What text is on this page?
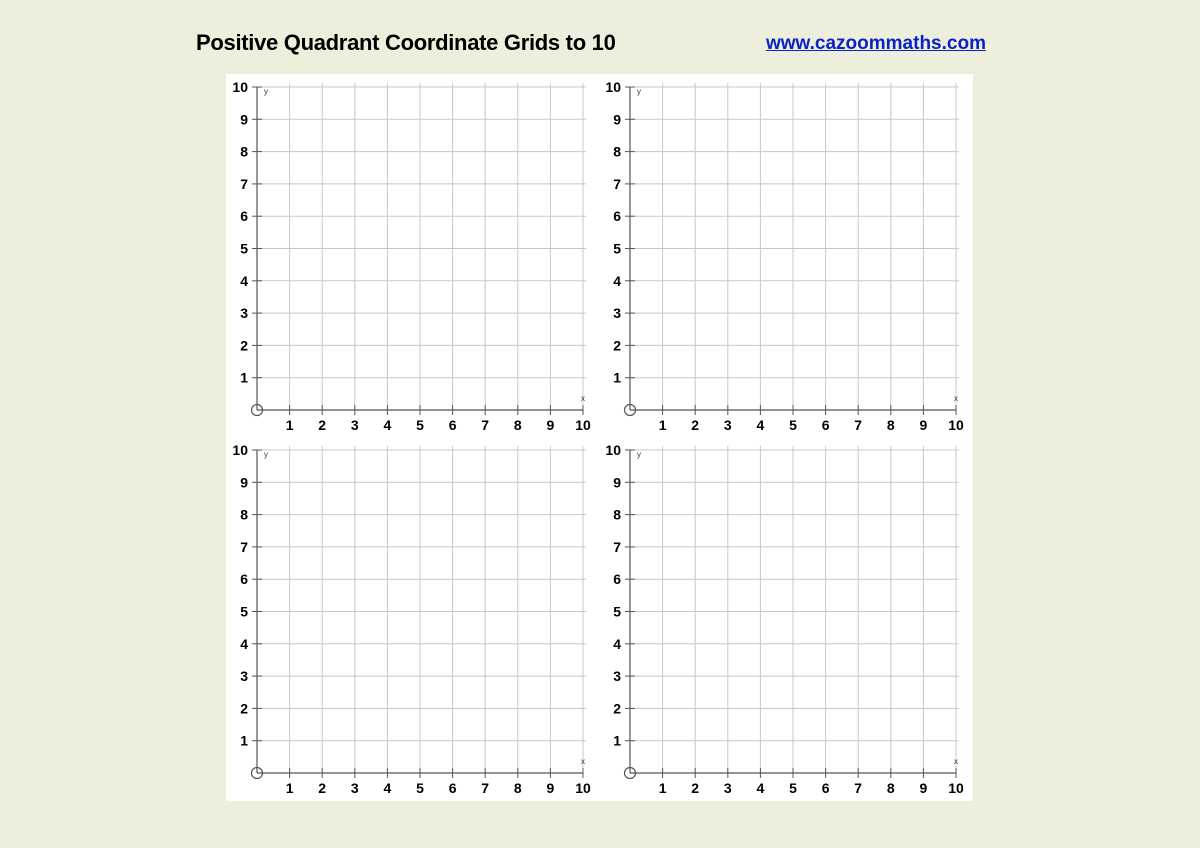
Positive Quadrant Coordinate Grids to 10	www.cazoommaths.com
1 2 3 4 5 6 7 8 9 10
1
2
3
4
5
6
7
8
9
10
x
y
1 2 3 4 5 6 7 8 9 10
1
2
3
4
5
6
7
8
9
10
x
y
1 2 3 4 5 6 7 8 9 10
1
2
3
4
5
6
7
8
9
10
x
y
1 2 3 4 5 6 7 8 9 10
1
2
3
4
5
6
7
8
9
10
x
y
